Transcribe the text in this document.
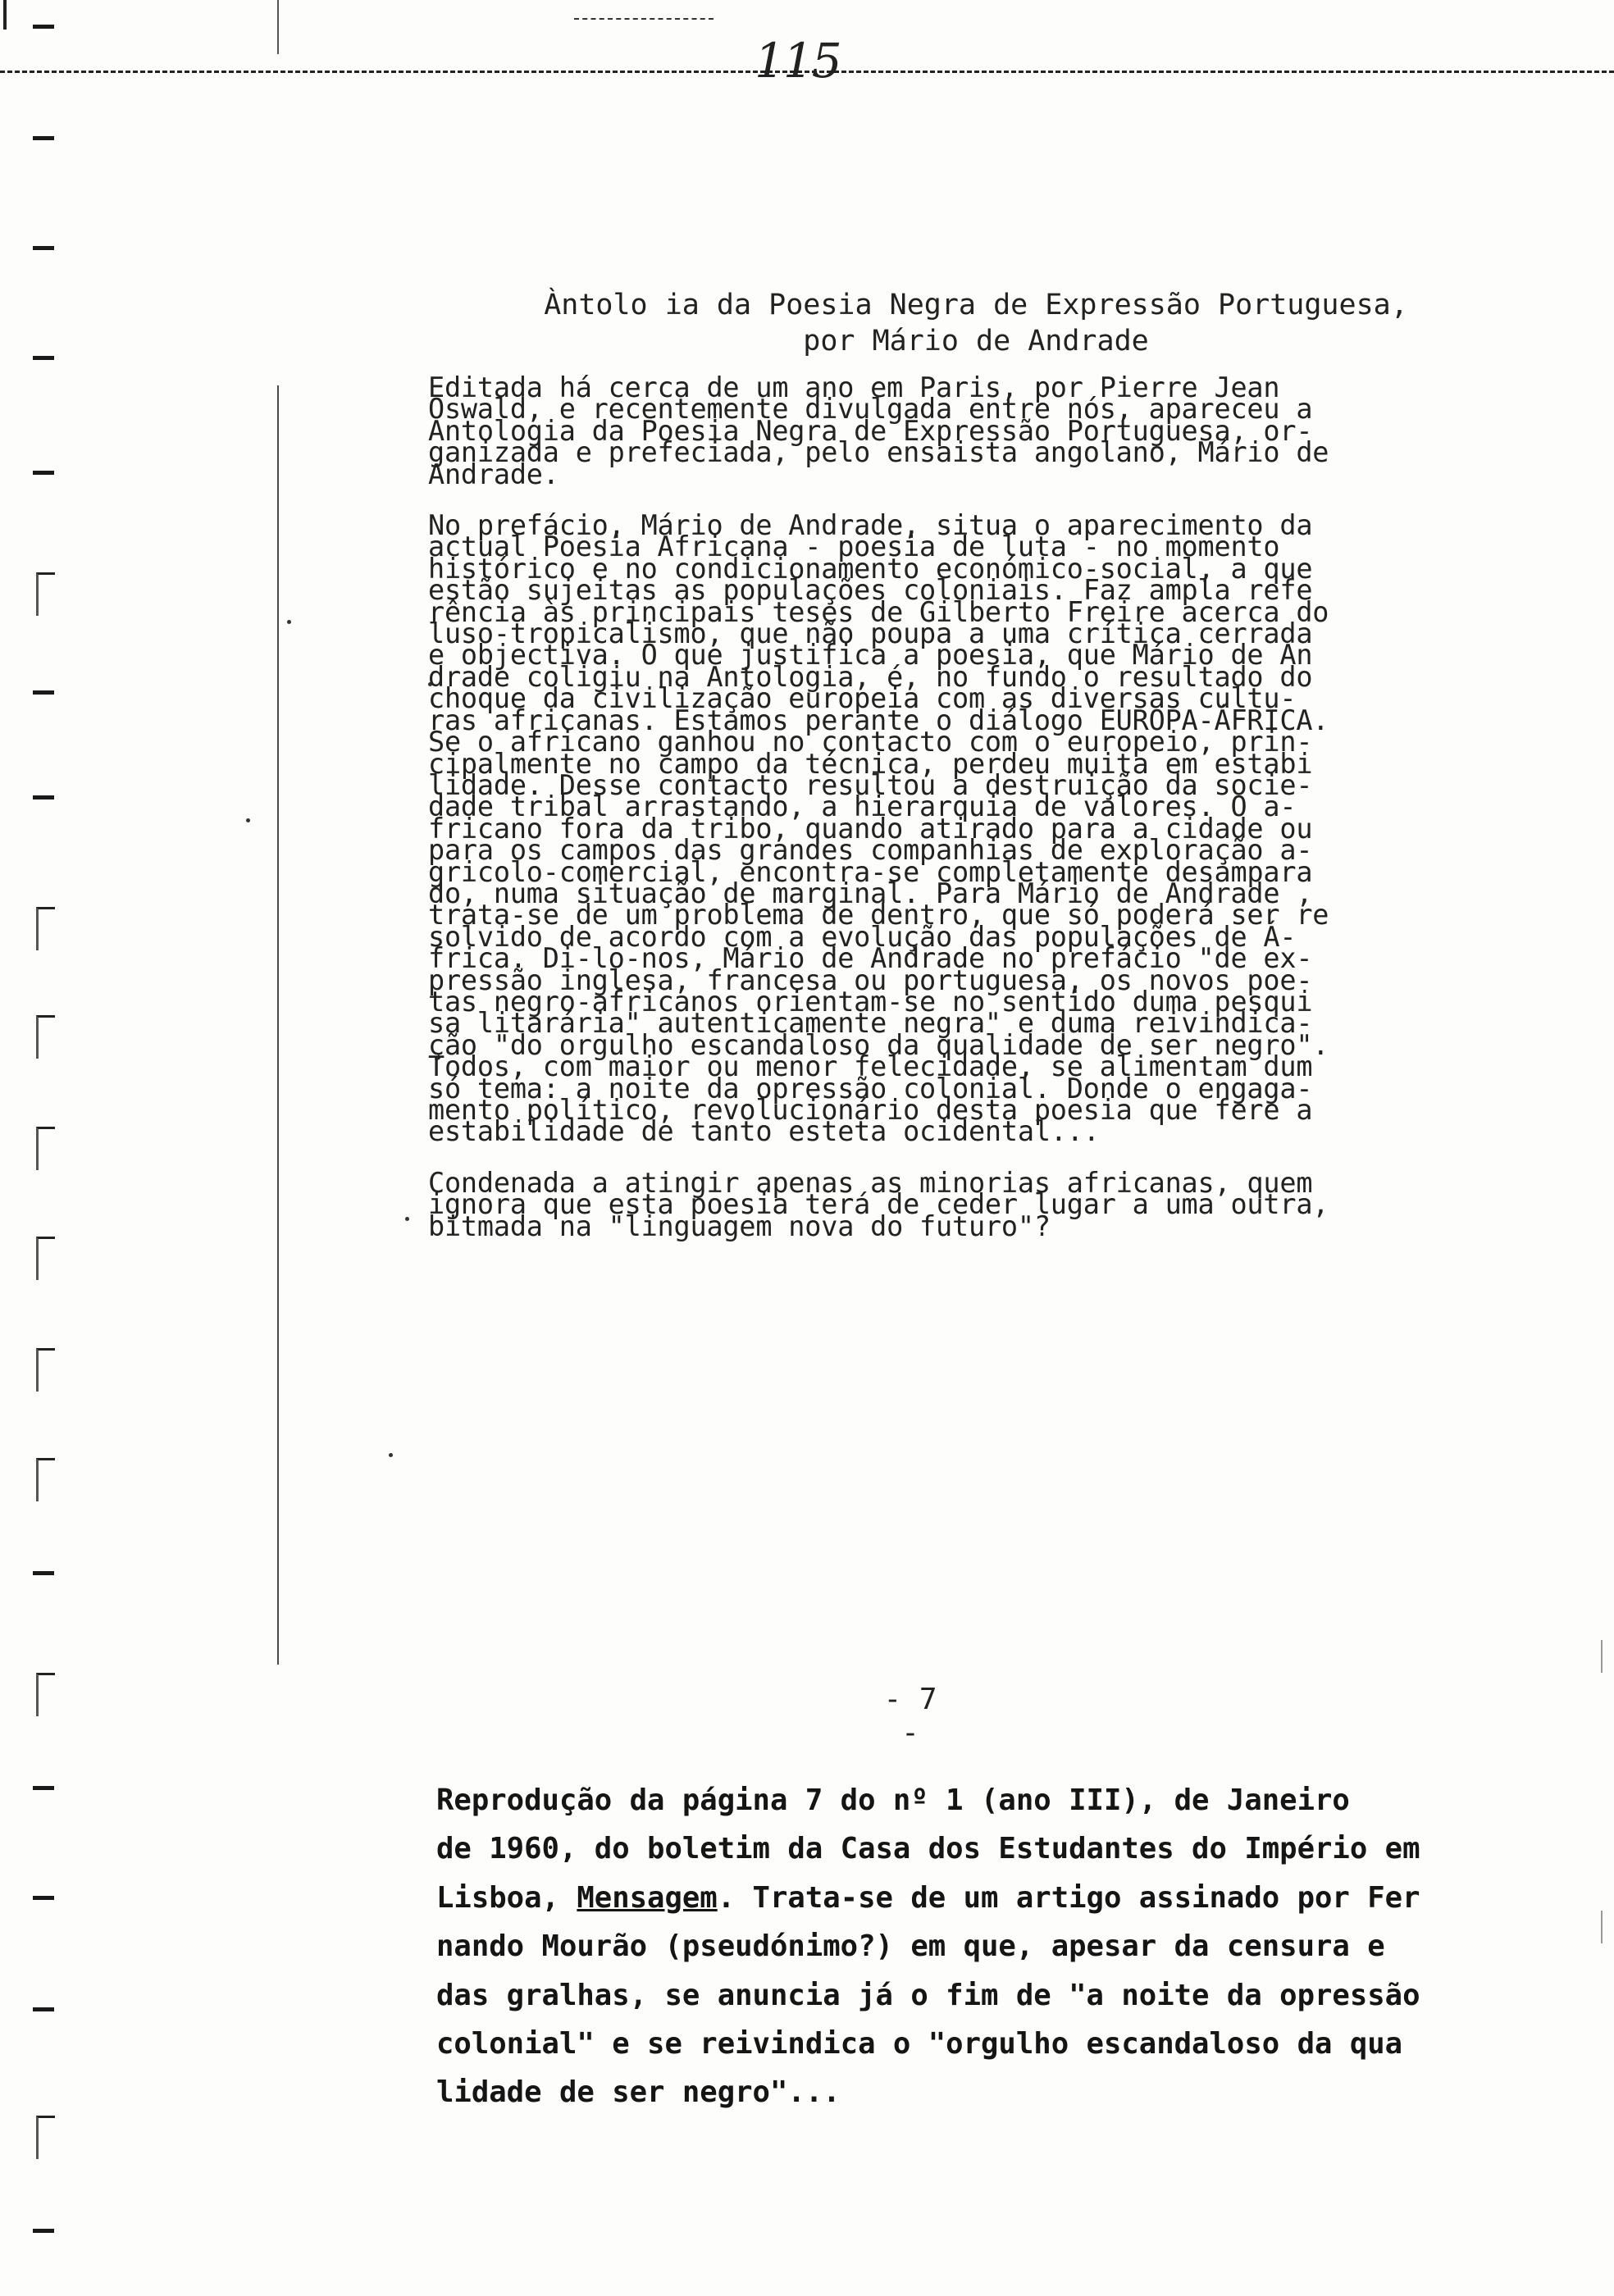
115
Àntolo ia da Poesia Negra de Expressão Portuguesa,
por Mário de Andrade

Editada há cerca de um ano em Paris, por Pierre Jean
Oswald, e recentemente divulgada entre nós, apareceu a
Antologia da Poesia Negra de Expressão Portuguesa, or-
ganizada e prefeciada, pelo ensaista angolano, Mário de
Andrade.

No prefácio, Mário de Andrade, situa o aparecimento da
actual Poesia Africana - poesia de luta - no momento
histórico e no condicionamento económico-social, a que
estão sujeitas as populações coloniais. Faz ampla refe
rência às principais teses de Gilberto Freire acerca do
luso-tropicalismo, que não poupa a uma crítica cerrada
e objectiva. O que justifica a poesia, que Mário de An
drade coligiu na Antologia, é, no fundo o resultado do
choque da civilização europeia com as diversas cultu-
ras africanas. Estamos perante o diálogo EUROPA-ÁFRICA.
Se o africano ganhou no contacto com o europeio, prin-
cipalmente no campo da técnica, perdeu muita em estabi
lidade. Desse contacto resultou a destruição da socie-
dade tribal arrastando, a hierarquia de valores. O a-
fricano fora da tribo, quando atirado para a cidade ou
para os campos das grandes companhias de exploração a-
gricolo-comercial, encontra-se completamente desampara
do, numa situação de marginal. Para Mário de Andrade ,
trata-se de um problema de dentro, que só poderá ser re
solvido de acordo com a evolução das populações de Á-
frica. Di-lo-nos, Mário de Andrade no prefácio "de ex-
pressão inglesa, francesa ou portuguesa, os novos poe-
tas negro-africanos orientam-se no sentido duma pesqui
sa litarária" autenticamente negra" e duma reivindica-
ção "do orgulho escandaloso da qualidade de ser negro".
Todos, com maior ou menor felecidade, se alimentam dum
só tema: a noite da opressão colonial. Donde o engaga-
mento político, revolucionário desta poesia que fere a
estabilidade de tanto esteta ocidental...

Condenada a atingir apenas as minorias africanas, quem
ignora que esta poesia terá de ceder lugar a uma outra,
bitmada na "linguagem nova do futuro"?

- 7 -
Reprodução da página 7 do nº 1 (ano III), de Janeiro
de 1960, do boletim da Casa dos Estudantes do Império em
Lisboa, Mensagem. Trata-se de um artigo assinado por Fer
nando Mourão (pseudónimo?) em que, apesar da censura e
das gralhas, se anuncia já o fim de "a noite da opressão
colonial" e se reivindica o "orgulho escandaloso da qua
lidade de ser negro"...
